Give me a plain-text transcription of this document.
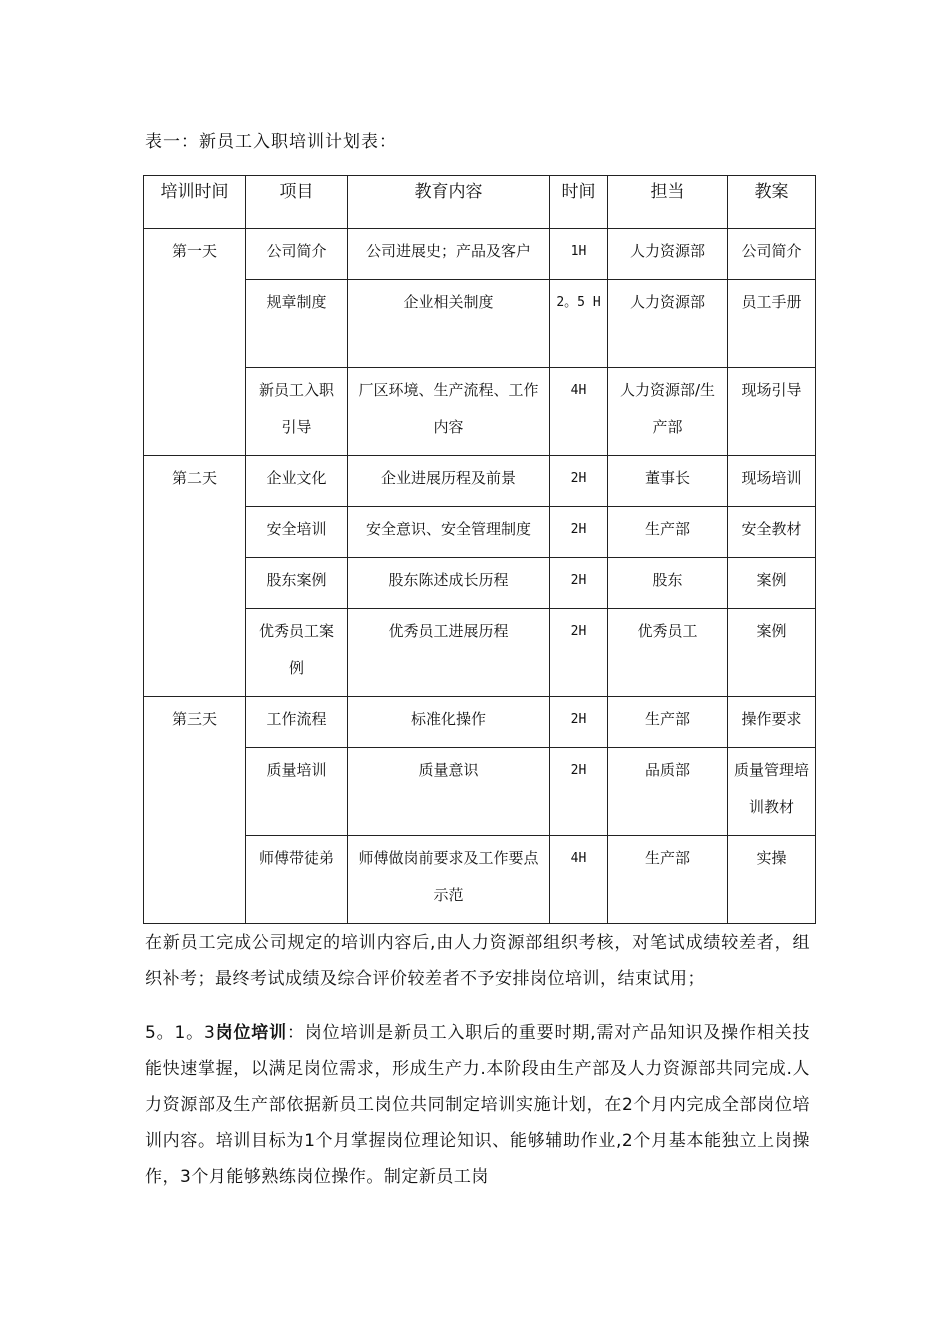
表一：新员工入职培训计划表：
培训时间	项目	教育内容	时间	担当	教案
第一天	公司简介	公司进展史；产品及客户	1H	人力资源部	公司简介
	规章制度	企业相关制度	2。5 H	人力资源部	员工手册
	新员工入职引导	厂区环境、生产流程、工作内容	4H	人力资源部/生产部	现场引导
第二天	企业文化	企业进展历程及前景	2H	董事长	现场培训
	安全培训	安全意识、安全管理制度	2H	生产部	安全教材
	股东案例	股东陈述成长历程	2H	股东	案例
	优秀员工案例	优秀员工进展历程	2H	优秀员工	案例
第三天	工作流程	标准化操作	2H	生产部	操作要求
	质量培训	质量意识	2H	品质部	质量管理培训教材
	师傅带徒弟	师傅做岗前要求及工作要点示范	4H	生产部	实操
在新员工完成公司规定的培训内容后,由人力资源部组织考核，对笔试成绩较差者，组织补考；最终考试成绩及综合评价较差者不予安排岗位培训，结束试用；
5。1。3岗位培训：岗位培训是新员工入职后的重要时期,需对产品知识及操作相关技能快速掌握，以满足岗位需求，形成生产力.本阶段由生产部及人力资源部共同完成.人力资源部及生产部依据新员工岗位共同制定培训实施计划，在2个月内完成全部岗位培训内容。培训目标为1个月掌握岗位理论知识、能够辅助作业,2个月基本能独立上岗操作，3个月能够熟练岗位操作。制定新员工岗
